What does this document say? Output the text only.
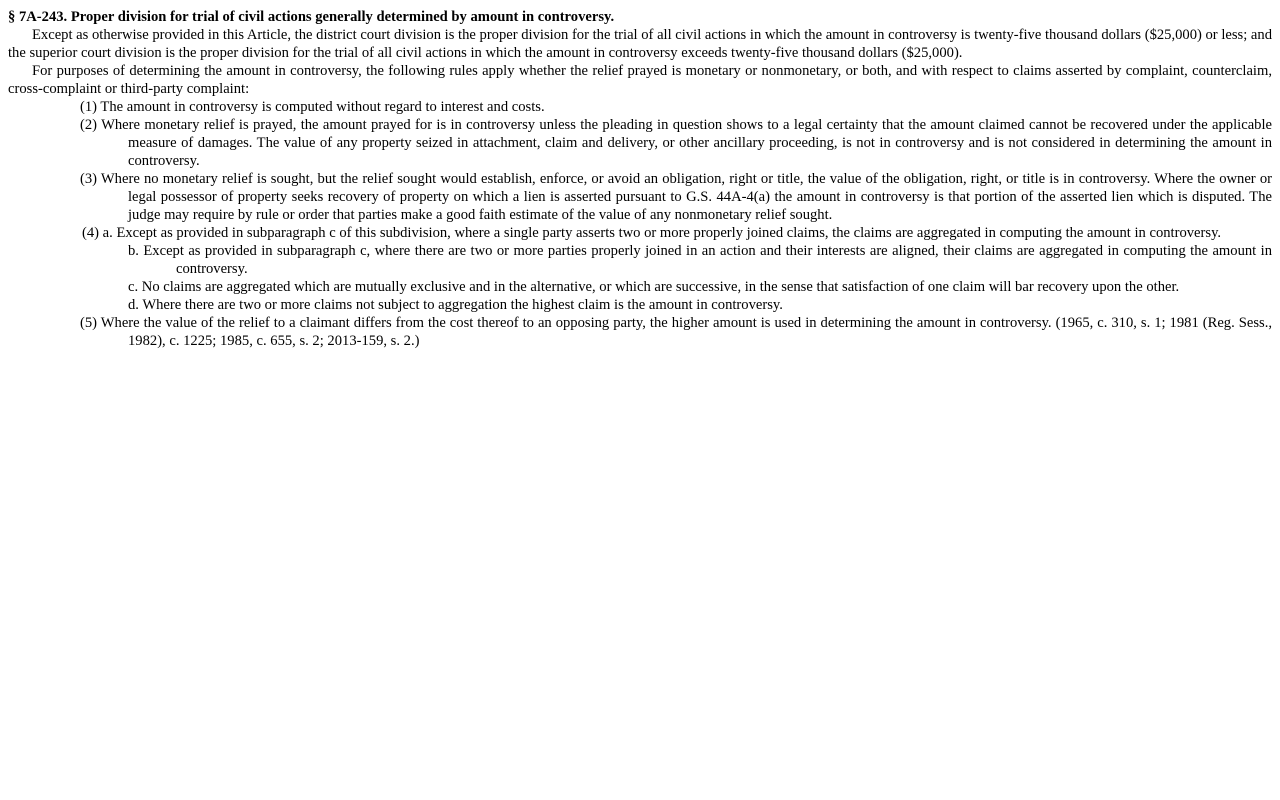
§ 7A-243. Proper division for trial of civil actions generally determined by amount in controversy.

Except as otherwise provided in this Article, the district court division is the proper division for the trial of all civil actions in which the amount in controversy is twenty-five thousand dollars ($25,000) or less; and the superior court division is the proper division for the trial of all civil actions in which the amount in controversy exceeds twenty-five thousand dollars ($25,000).

For purposes of determining the amount in controversy, the following rules apply whether the relief prayed is monetary or nonmonetary, or both, and with respect to claims asserted by complaint, counterclaim, cross-complaint or third-party complaint:

(1) The amount in controversy is computed without regard to interest and costs.

(2) Where monetary relief is prayed, the amount prayed for is in controversy unless the pleading in question shows to a legal certainty that the amount claimed cannot be recovered under the applicable measure of damages. The value of any property seized in attachment, claim and delivery, or other ancillary proceeding, is not in controversy and is not considered in determining the amount in controversy.

(3) Where no monetary relief is sought, but the relief sought would establish, enforce, or avoid an obligation, right or title, the value of the obligation, right, or title is in controversy. Where the owner or legal possessor of property seeks recovery of property on which a lien is asserted pursuant to G.S. 44A-4(a) the amount in controversy is that portion of the asserted lien which is disputed. The judge may require by rule or order that parties make a good faith estimate of the value of any nonmonetary relief sought.

(4) a. Except as provided in subparagraph c of this subdivision, where a single party asserts two or more properly joined claims, the claims are aggregated in computing the amount in controversy.

b. Except as provided in subparagraph c, where there are two or more parties properly joined in an action and their interests are aligned, their claims are aggregated in computing the amount in controversy.

c. No claims are aggregated which are mutually exclusive and in the alternative, or which are successive, in the sense that satisfaction of one claim will bar recovery upon the other.

d. Where there are two or more claims not subject to aggregation the highest claim is the amount in controversy.

(5) Where the value of the relief to a claimant differs from the cost thereof to an opposing party, the higher amount is used in determining the amount in controversy. (1965, c. 310, s. 1; 1981 (Reg. Sess., 1982), c. 1225; 1985, c. 655, s. 2; 2013-159, s. 2.)
